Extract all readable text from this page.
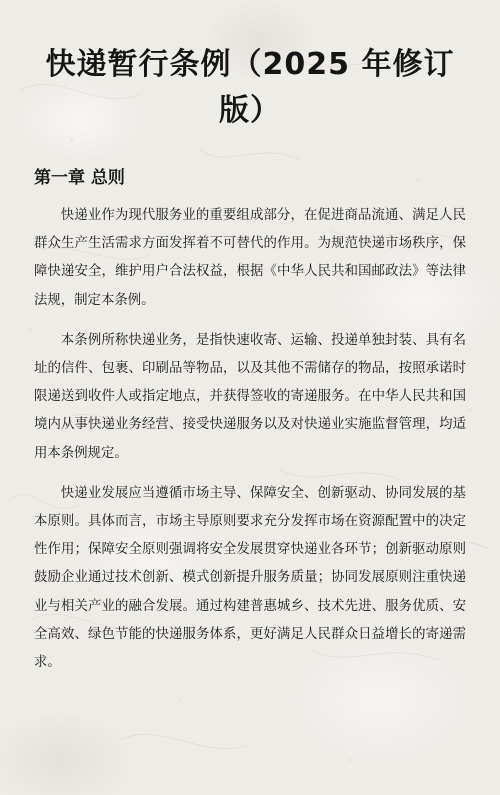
快递暂行条例（2025 年修订版）
第一章 总则

快递业作为现代服务业的重要组成部分，在促进商品流通、满足人民群众生产生活需求方面发挥着不可替代的作用。为规范快递市场秩序，保障快递安全，维护用户合法权益，根据《中华人民共和国邮政法》等法律法规，制定本条例。

本条例所称快递业务，是指快速收寄、运输、投递单独封装、具有名址的信件、包裹、印刷品等物品，以及其他不需储存的物品，按照承诺时限递送到收件人或指定地点，并获得签收的寄递服务。在中华人民共和国境内从事快递业务经营、接受快递服务以及对快递业实施监督管理，均适用本条例规定。

快递业发展应当遵循市场主导、保障安全、创新驱动、协同发展的基本原则。具体而言，市场主导原则要求充分发挥市场在资源配置中的决定性作用；保障安全原则强调将安全发展贯穿快递业各环节；创新驱动原则鼓励企业通过技术创新、模式创新提升服务质量；协同发展原则注重快递业与相关产业的融合发展。通过构建普惠城乡、技术先进、服务优质、安全高效、绿色节能的快递服务体系，更好满足人民群众日益增长的寄递需求。
